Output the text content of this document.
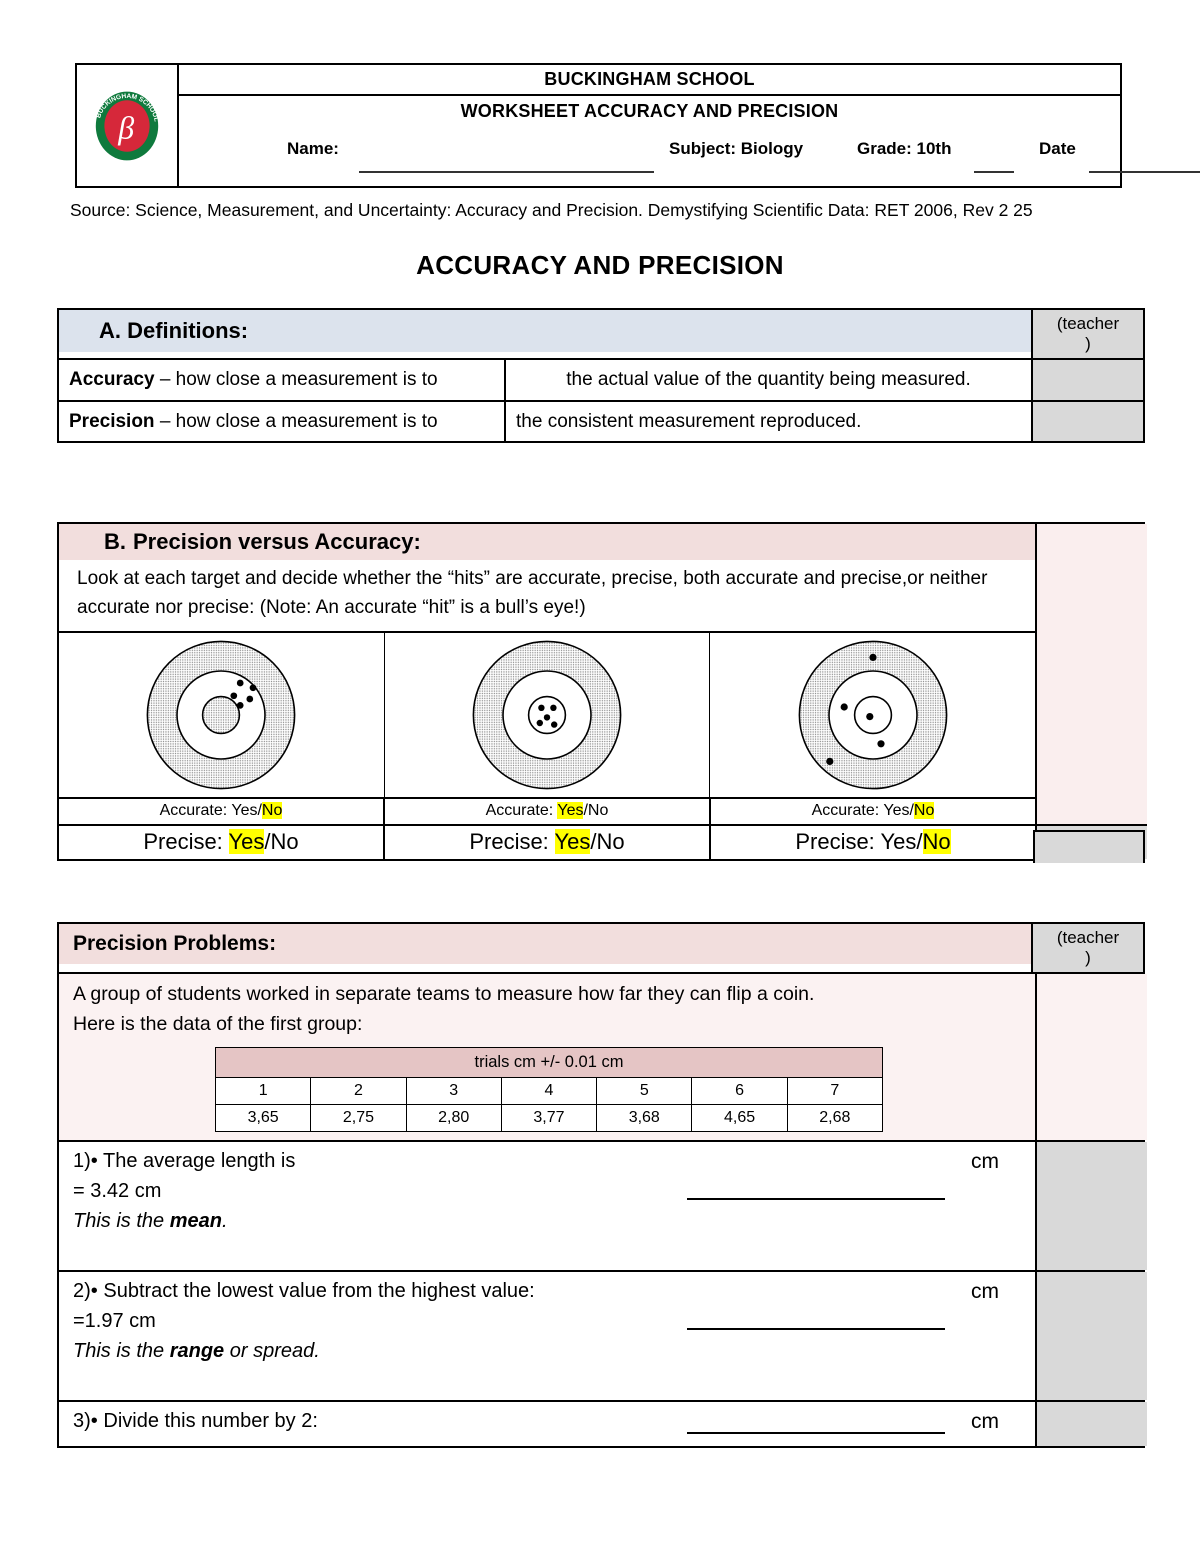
BUCKINGHAM SCHOOL
β
BUCKINGHAM SCHOOL
WORKSHEET ACCURACY AND PRECISION
Name:	Subject: Biology	Grade: 10th	Date
Source: Science, Measurement, and Uncertainty: Accuracy and Precision. Demystifying Scientific Data: RET 2006, Rev 2 25
ACCURACY AND PRECISION
A. Definitions:	(teacher
)
Accuracy – how close a measurement is to	the actual value of the quantity being measured.
Precision – how close a measurement is to	the consistent measurement reproduced.
B. Precision versus Accuracy:
Look at each target and decide whether the “hits” are accurate, precise, both accurate and precise,or neither accurate nor precise: (Note: An accurate “hit” is a bull’s eye!)
Accurate: Yes/No	Accurate: Yes/No	Accurate: Yes/No
Precise: Yes/No	Precise: Yes/No	Precise: Yes/No
Precision Problems:	(teacher
)
A group of students worked in separate teams to measure how far they can flip a coin.
Here is the data of the first group:
trials cm +/- 0.01 cm						
1	2	3	4	5	6	7
3,65	2,75	2,80	3,77	3,68	4,65	2,68
1)• The average length is
= 3.42 cm
This is the mean.
cm
2)• Subtract the lowest value from the highest value:
=1.97 cm
This is the range or spread.
cm
3)• Divide this number by 2:	cm
